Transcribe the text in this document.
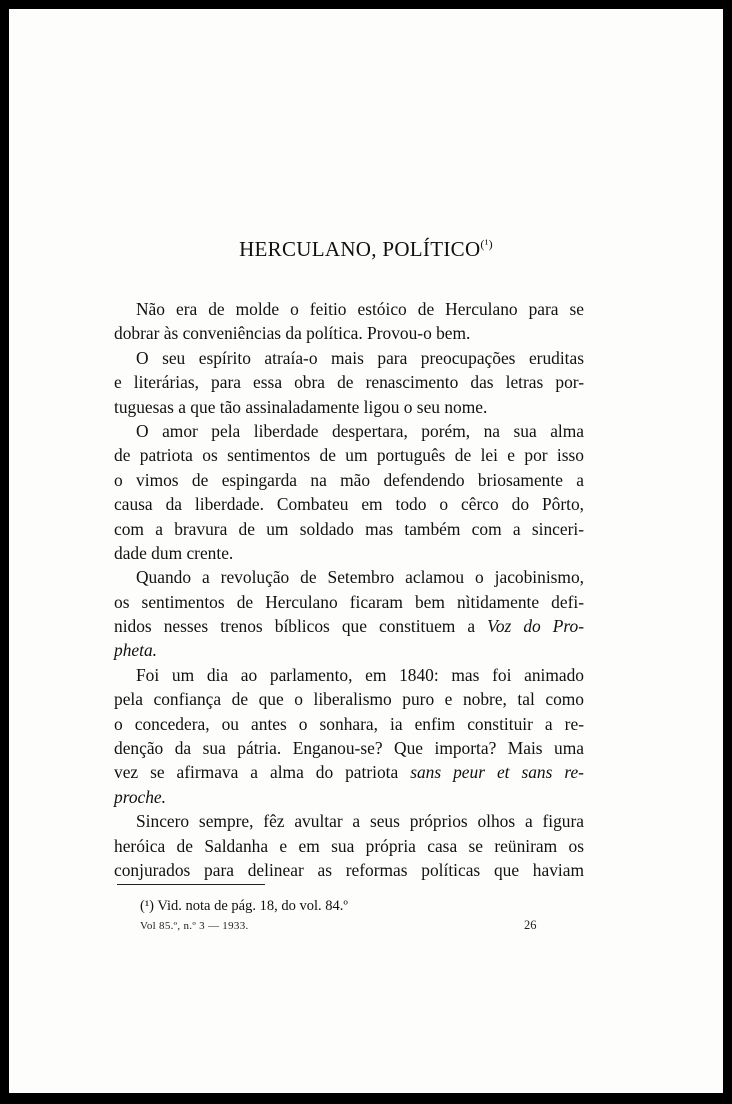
HERCULANO, $POLÍTICO^{(^1)}$
Não era de molde o feitio estóico de Herculano para se
dobrar às conveniências da política. Provou-o bem.
O seu espírito atraía-o mais para preocupações eruditas
e literárias, para essa obra de renascimento das letras por-
tuguesas a que tão assinaladamente ligou o seu nome.
O amor pela liberdade despertara, porém, na sua alma
de patriota os sentimentos de um português de lei e por isso
o vimos de espingarda na mão defendendo briosamente a
causa da liberdade. Combateu em todo o cêrco do Pôrto,
com a bravura de um soldado mas também com a sinceri-
dade dum crente.
Quando a revolução de Setembro aclamou o jacobinismo,
os sentimentos de Herculano ficaram bem nìtidamente defi-
nidos nesses trenos bíblicos que constituem a Voz do Pro-
pheta.
Foi um dia ao parlamento, em 1840: mas foi animado
pela confiança de que o liberalismo puro e nobre, tal como
o concedera, ou antes o sonhara, ia enfim constituir a re-
denção da sua pátria. Enganou-se? Que importa? Mais uma
vez se afirmava a alma do patriota sans peur et sans re-
proche.
Sincero sempre, fêz avultar a seus próprios olhos a figura
heróica de Saldanha e em sua própria casa se reüniram os
conjurados para delinear as reformas políticas que haviam
(¹) Vid. nota de pág. 18, do vol. 84.º
Vol 85.º, n.º 3 — 1933.	26
